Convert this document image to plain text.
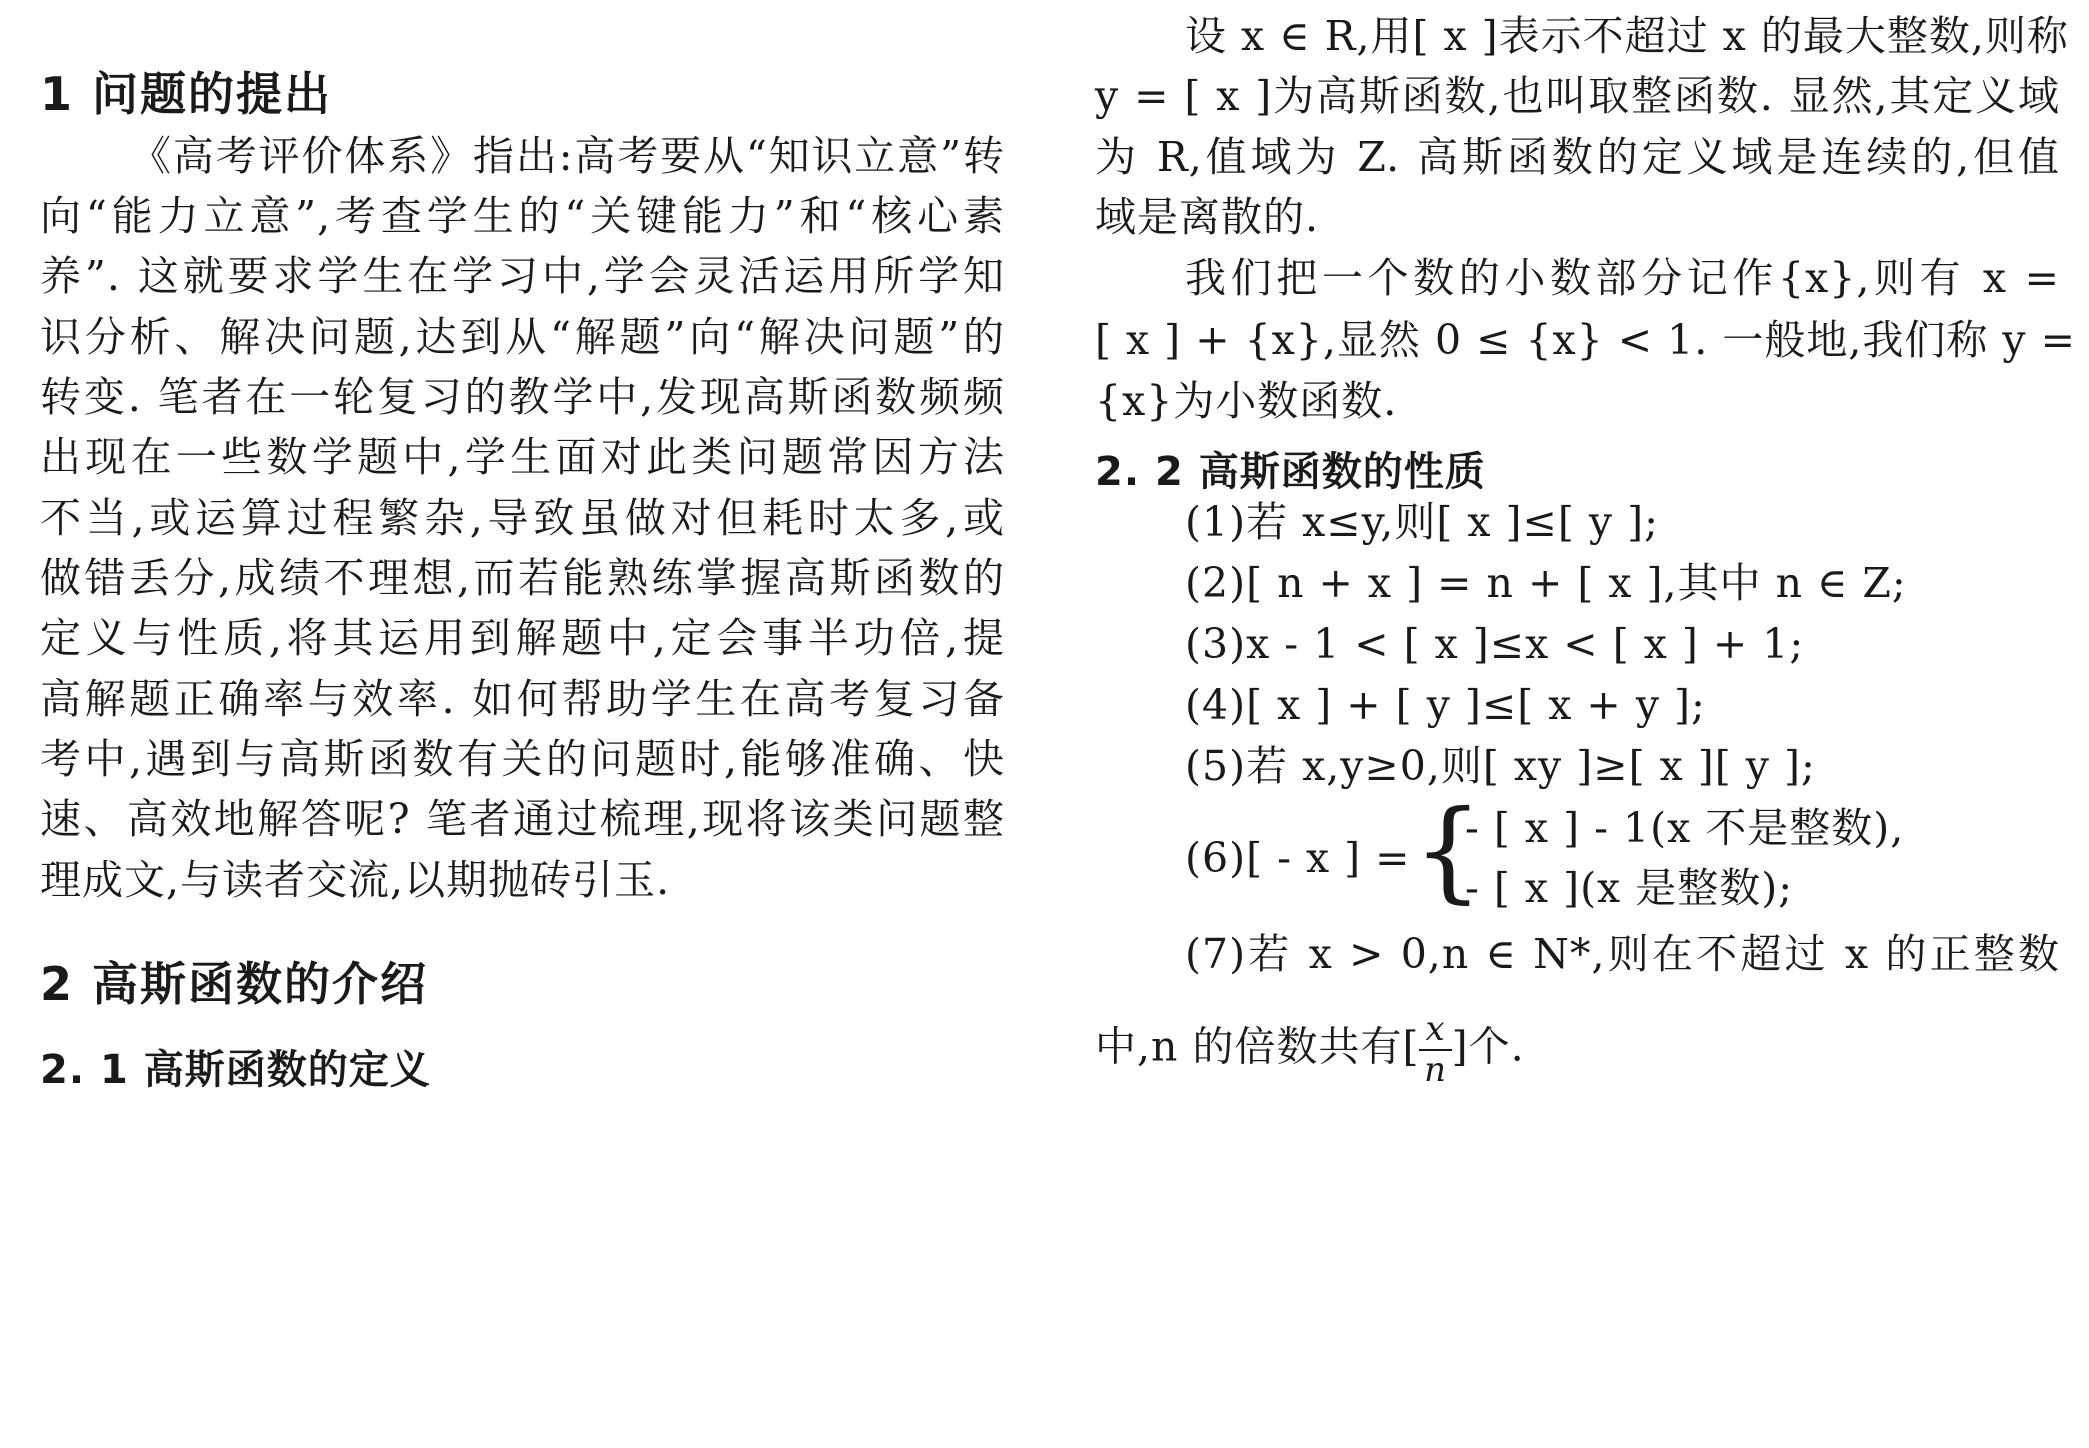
1 问题的提出
《高考评价体系》指出:高考要从“知识立意”转
向“能力立意”,考查学生的“关键能力”和“核心素
养”. 这就要求学生在学习中,学会灵活运用所学知
识分析、解决问题,达到从“解题”向“解决问题”的
转变. 笔者在一轮复习的教学中,发现高斯函数频频
出现在一些数学题中,学生面对此类问题常因方法
不当,或运算过程繁杂,导致虽做对但耗时太多,或
做错丢分,成绩不理想,而若能熟练掌握高斯函数的
定义与性质,将其运用到解题中,定会事半功倍,提
高解题正确率与效率. 如何帮助学生在高考复习备
考中,遇到与高斯函数有关的问题时,能够准确、快
速、高效地解答呢? 笔者通过梳理,现将该类问题整
理成文,与读者交流,以期抛砖引玉.
2 高斯函数的介绍
2. 1 高斯函数的定义
设 x ∈ R,用[ x ]表示不超过 x 的最大整数,则称
y = [ x ]为高斯函数,也叫取整函数. 显然,其定义域
为 R,值域为 Z. 高斯函数的定义域是连续的,但值
域是离散的.
我们把一个数的小数部分记作{x},则有 x =
[ x ] + {x},显然 0 ≤ {x} < 1. 一般地,我们称 y =
{x}为小数函数.
2. 2 高斯函数的性质
(1)若 x≤y,则[ x ]≤[ y ];
(2)[ n + x ] = n + [ x ],其中 n ∈ Z;
(3)x - 1 < [ x ]≤x < [ x ] + 1;
(4)[ x ] + [ y ]≤[ x + y ];
(5)若 x,y≥0,则[ xy ]≥[ x ][ y ];
(6)[ - x ] = {
- [ x ] - 1(x 不是整数),
- [ x ](x 是整数);
(7)若 x > 0,n ∈ N*,则在不超过 x 的正整数
中,n 的倍数共有[ $\frac{x}{n}$ ]个.
